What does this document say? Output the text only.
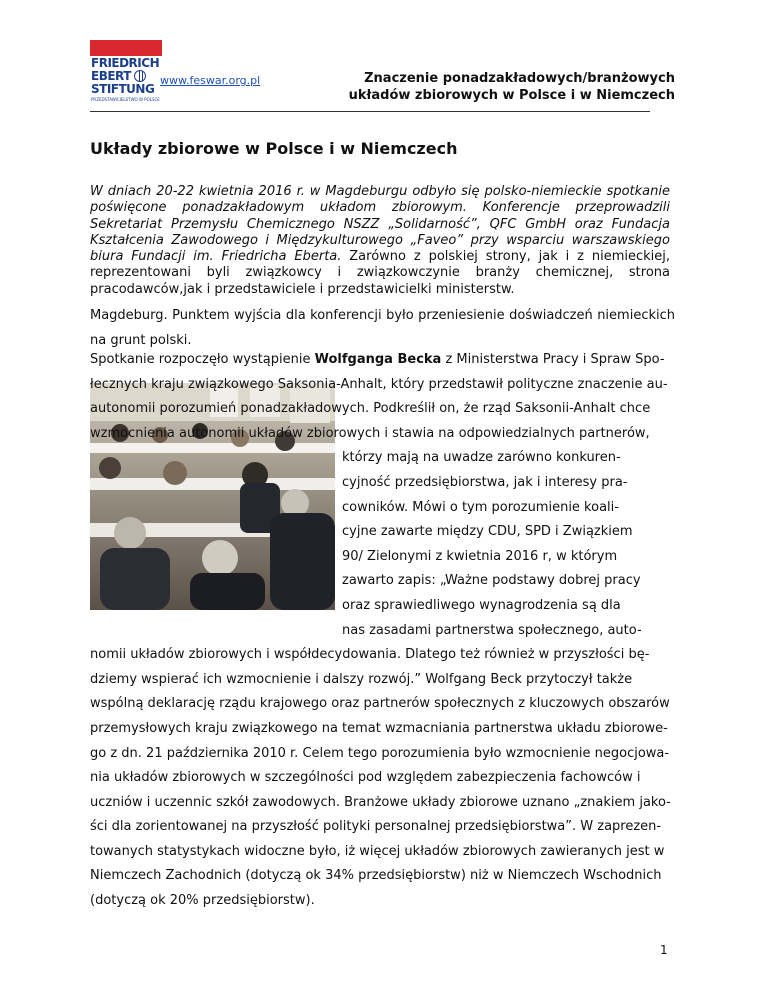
FRIEDRICH
EBERT
STIFTUNG
PRZEDSTAWICIELSTWO W POLSCE
www.feswar.org.pl	Znaczenie ponadzakładowych/branżowych
układów zbiorowych w Polsce i w Niemczech
Układy zbiorowe w Polsce i w Niemczech
W dniach 20-22 kwietnia 2016 r. w Magdeburgu odbyło się polsko-niemieckie spotkanie poświęcone ponadzakładowym układom zbiorowym. Konferencje przeprowadzili Sekretariat Przemysłu Chemicznego NSZZ „Solidarność”, QFC GmbH oraz Fundacja Kształcenia Zawodowego i Międzykulturowego „Faveo” przy wsparciu warszawskiego biura Fundacji im. Friedricha Eberta. Zarówno z polskiej strony, jak i z niemieckiej, reprezentowani byli związkowcy i związkowczynie branży chemicznej, strona pracodawców,jak i przedstawiciele i przedstawicielki ministerstw.
Magdeburg. Punktem wyjścia dla konferencji było przeniesienie doświadczeń niemieckich na grunt polski.
Spotkanie rozpoczęło wystąpienie Wolfganga Becka z Ministerstwa Pracy i Spraw Spo-
łecznych kraju związkowego Saksonia-Anhalt, który przedstawił polityczne znaczenie au-
autonomii porozumień ponadzakładowych. Podkreślił on, że rząd Saksonii-Anhalt chce
wzmocnienia autonomii układów zbiorowych i stawia na odpowiedzialnych partnerów,
którzy mają na uwadze zarówno konkuren-
cyjność przedsiębiorstwa, jak i interesy pra-
cowników. Mówi o tym porozumienie koali-
cyjne zawarte między CDU, SPD i Związkiem
90/ Zielonymi z kwietnia 2016 r, w którym
zawarto zapis: „Ważne podstawy dobrej pracy
oraz sprawiedliwego wynagrodzenia są dla
nas zasadami partnerstwa społecznego, auto-
nomii układów zbiorowych i współdecydowania. Dlatego też również w przyszłości bę-
dziemy wspierać ich wzmocnienie i dalszy rozwój.” Wolfgang Beck przytoczył także
wspólną deklarację rządu krajowego oraz partnerów społecznych z kluczowych obszarów
przemysłowych kraju związkowego na temat wzmacniania partnerstwa układu zbiorowe-
go z dn. 21 października 2010 r. Celem tego porozumienia było wzmocnienie negocjowa-
nia układów zbiorowych w szczególności pod względem zabezpieczenia fachowców i
uczniów i uczennic szkół zawodowych. Branżowe układy zbiorowe uznano „znakiem jako-
ści dla zorientowanej na przyszłość polityki personalnej przedsiębiorstwa”. W zaprezen-
towanych statystykach widoczne było, iż więcej układów zbiorowych zawieranych jest w
Niemczech Zachodnich (dotyczą ok 34% przedsiębiorstw) niż w Niemczech Wschodnich
(dotyczą ok 20% przedsiębiorstw).
1
